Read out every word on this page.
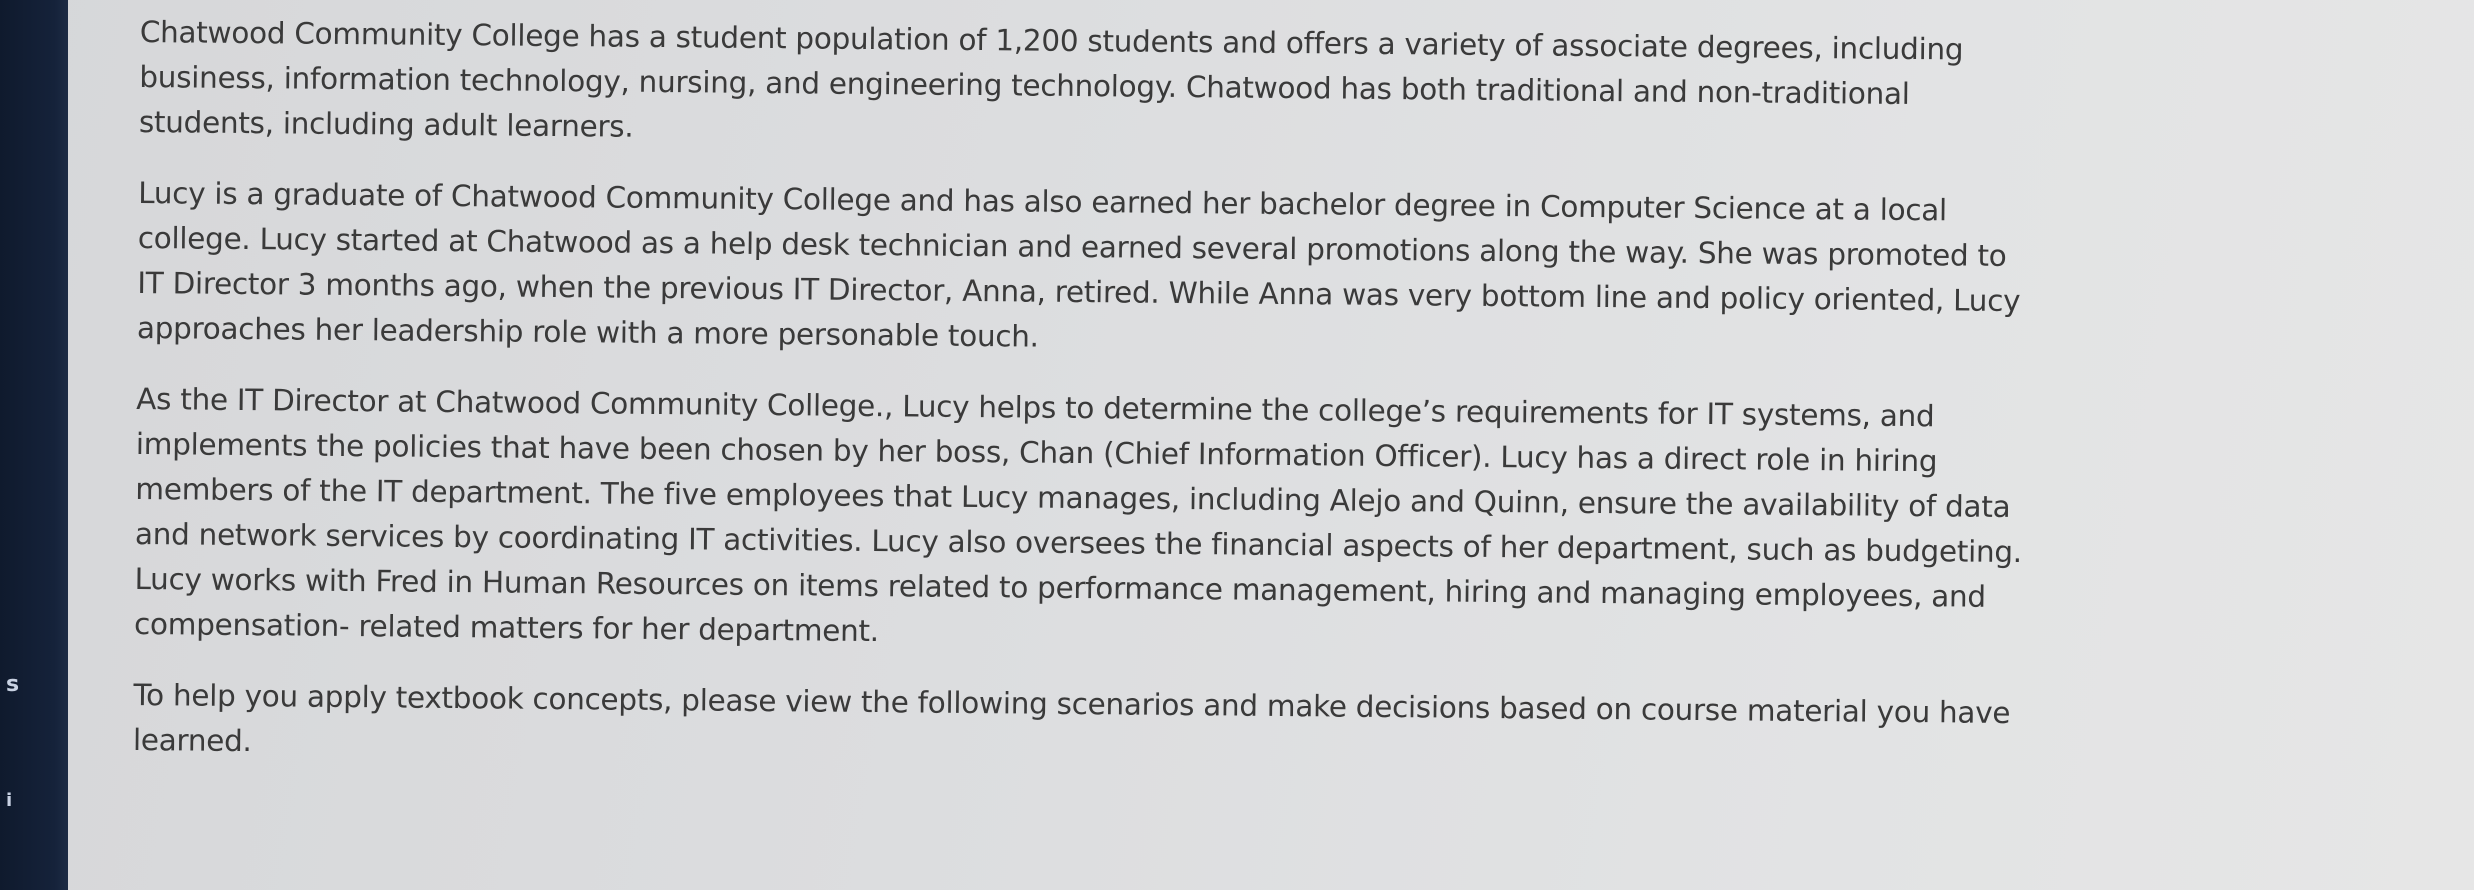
s
i

Chatwood Community College has a student population of 1,200 students and offers a variety of associate degrees, including
business, information technology, nursing, and engineering technology. Chatwood has both traditional and non-traditional
students, including adult learners.

Lucy is a graduate of Chatwood Community College and has also earned her bachelor degree in Computer Science at a local
college. Lucy started at Chatwood as a help desk technician and earned several promotions along the way. She was promoted to
IT Director 3 months ago, when the previous IT Director, Anna, retired. While Anna was very bottom line and policy oriented, Lucy
approaches her leadership role with a more personable touch.

As the IT Director at Chatwood Community College., Lucy helps to determine the college’s requirements for IT systems, and
implements the policies that have been chosen by her boss, Chan (Chief Information Officer). Lucy has a direct role in hiring
members of the IT department. The five employees that Lucy manages, including Alejo and Quinn, ensure the availability of data
and network services by coordinating IT activities. Lucy also oversees the financial aspects of her department, such as budgeting.
Lucy works with Fred in Human Resources on items related to performance management, hiring and managing employees, and
compensation- related matters for her department.

To help you apply textbook concepts, please view the following scenarios and make decisions based on course material you have
learned.
